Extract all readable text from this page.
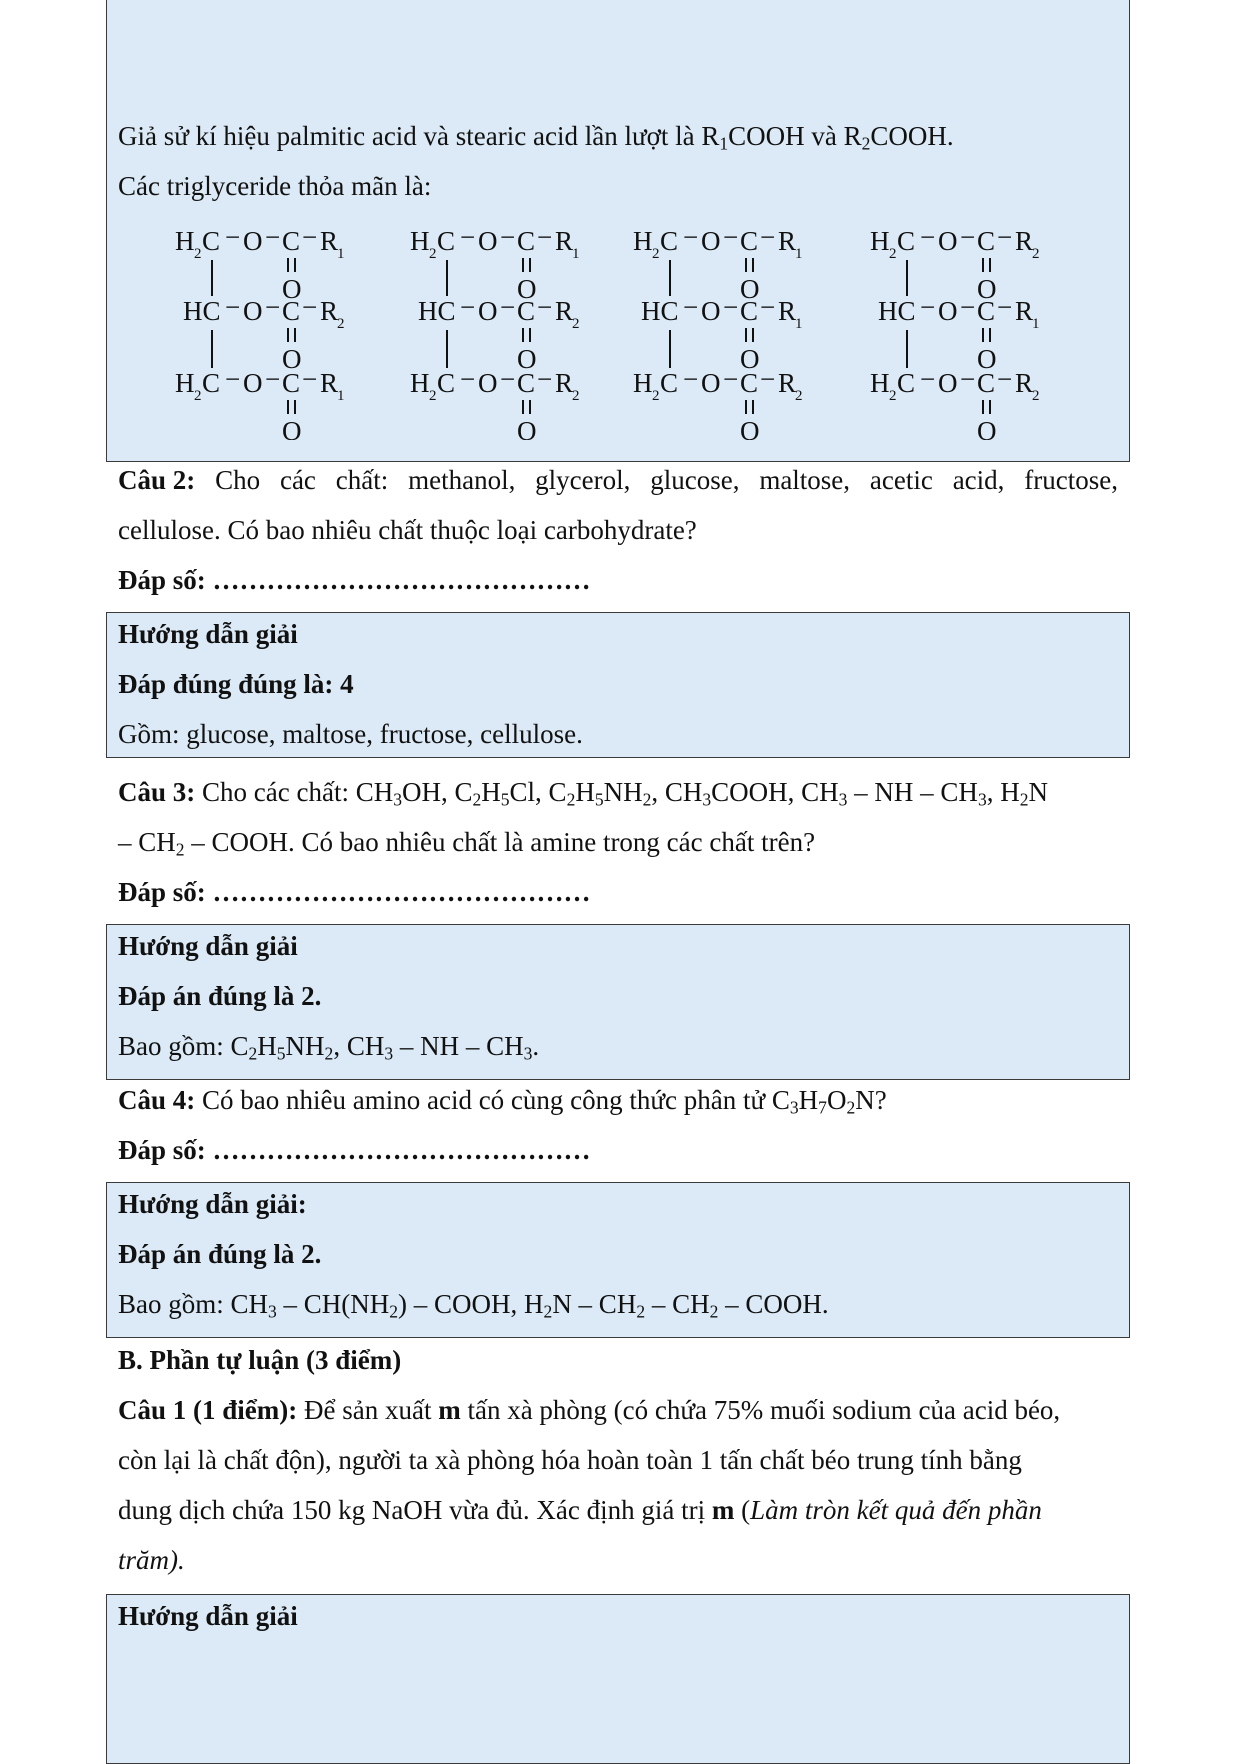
Giả sử kí hiệu palmitic acid và stearic acid lần lượt là $R_1COOH$ và $R_2COOH$.
Các triglyceride thỏa mãn là:
H 2 C − O − C − R
1
O
HC − O − C − R
2
O
H 2 C − O − C − R
1
O
H 2 C − O − C − R
1
O
HC − O − C − R
2
O
H 2 C − O − C − R
2
O
H 2 C − O − C − R
1
O
HC − O − C − R
1
O
H 2 C − O − C − R
2
O
H 2 C − O − C − R
2
O
HC − O − C − R
1
O
H 2 C − O − C − R
2
O
Câu 2: Cho các chất: methanol, glycerol, glucose, maltose, acetic acid, fructose,
cellulose. Có bao nhiêu chất thuộc loại carbohydrate?
Đáp số: ……………………………………
Hướng dẫn giải
Đáp đúng đúng là: 4
Gồm: glucose, maltose, fructose, cellulose.
Câu 3: Cho các chất: $CH_3OH$, $C_2H_5Cl$, $C_2H_5NH_2$, $CH_3COOH$, $CH_3$ – NH – $CH_3$, $H_2N$
– $CH_2$ – COOH. Có bao nhiêu chất là amine trong các chất trên?
Đáp số: ……………………………………
Hướng dẫn giải
Đáp án đúng là 2.
Bao gồm: $C_2H_5NH_2$, $CH_3$ – NH – $CH_3$.
Câu 4: Có bao nhiêu amino acid có cùng công thức phân tử $C_3H_7O_2N$?
Đáp số: ……………………………………
Hướng dẫn giải:
Đáp án đúng là 2.
Bao gồm: $CH_3 - CH(NH_2)$ – COOH, $H_2N - CH_2 - CH_2$ – COOH.
B. Phần tự luận (3 điểm)
Câu 1 (1 điểm): Để sản xuất m tấn xà phòng (có chứa 75% muối sodium của acid béo,
còn lại là chất độn), người ta xà phòng hóa hoàn toàn 1 tấn chất béo trung tính bằng
dung dịch chứa 150 kg NaOH vừa đủ. Xác định giá trị m (Làm tròn kết quả đến phần
trăm).
Hướng dẫn giải
